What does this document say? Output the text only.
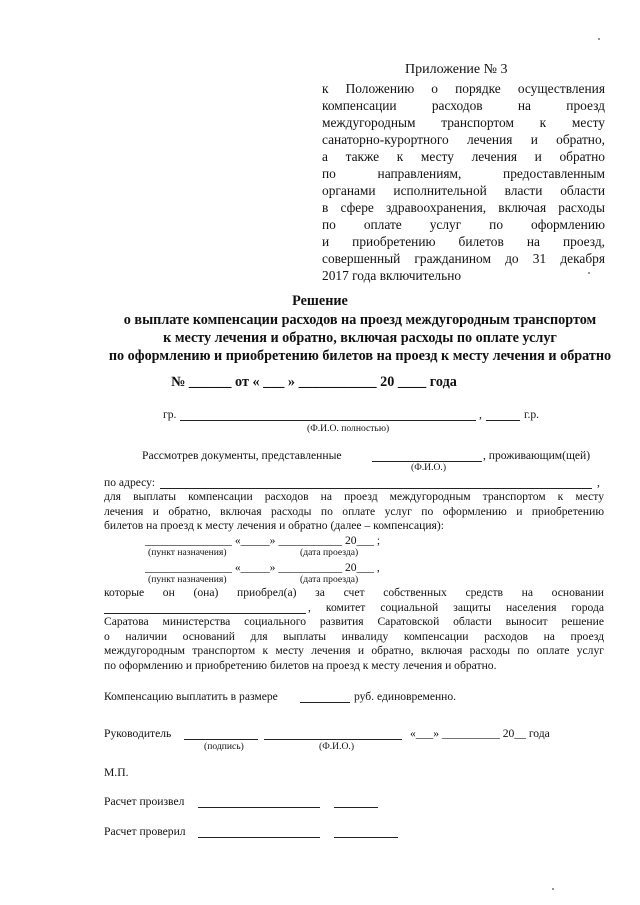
Приложение № 3
к Положению о порядке осуществления
компенсации расходов на проезд
междугородным транспортом к месту
санаторно-курортного лечения и обратно,
а также к месту лечения и обратно
по направлениям, предоставленным
органами исполнительной власти области
в сфере здравоохранения, включая расходы
по оплате услуг по оформлению
и приобретению билетов на проезд,
совершенный гражданином до 31 декабря
2017 года включительно
Решение
о выплате компенсации расходов на проезд междугородным транспортом
к месту лечения и обратно, включая расходы по оплате услуг
по оформлению и приобретению билетов на проезд к месту лечения и обратно
№ ______ от « ___ » ___________ 20 ____ года
гр.	,	г.р.
(Ф.И.О. полностью)
Рассмотрев документы, представленные	, проживающим(щей)
(Ф.И.О.)
по адресу:	,
для выплаты компенсации расходов на проезд междугородным транспортом к месту
лечения и обратно, включая расходы по оплате услуг по оформлению и приобретению
билетов на проезд к месту лечения и обратно (далее – компенсация):
_______________ «_____» ___________ 20___ ;
(пункт назначения)	(дата проезда)
_______________ «_____» ___________ 20___ ,
(пункт назначения)	(дата проезда)
которые он (она) приобрел(а) за счет собственных средств на основании
, комитет социальной защиты населения города
Саратова министерства социального развития Саратовской области выносит решение
о наличии оснований для выплаты инвалиду компенсации расходов на проезд
междугородным транспортом к месту лечения и обратно, включая расходы по оплате услуг
по оформлению и приобретению билетов на проезд к месту лечения и обратно.
Компенсацию выплатить в размере	руб. единовременно.
Руководитель	«___» __________ 20__ года
(подпись)	(Ф.И.О.)
М.П.
Расчет произвел
Расчет проверил
